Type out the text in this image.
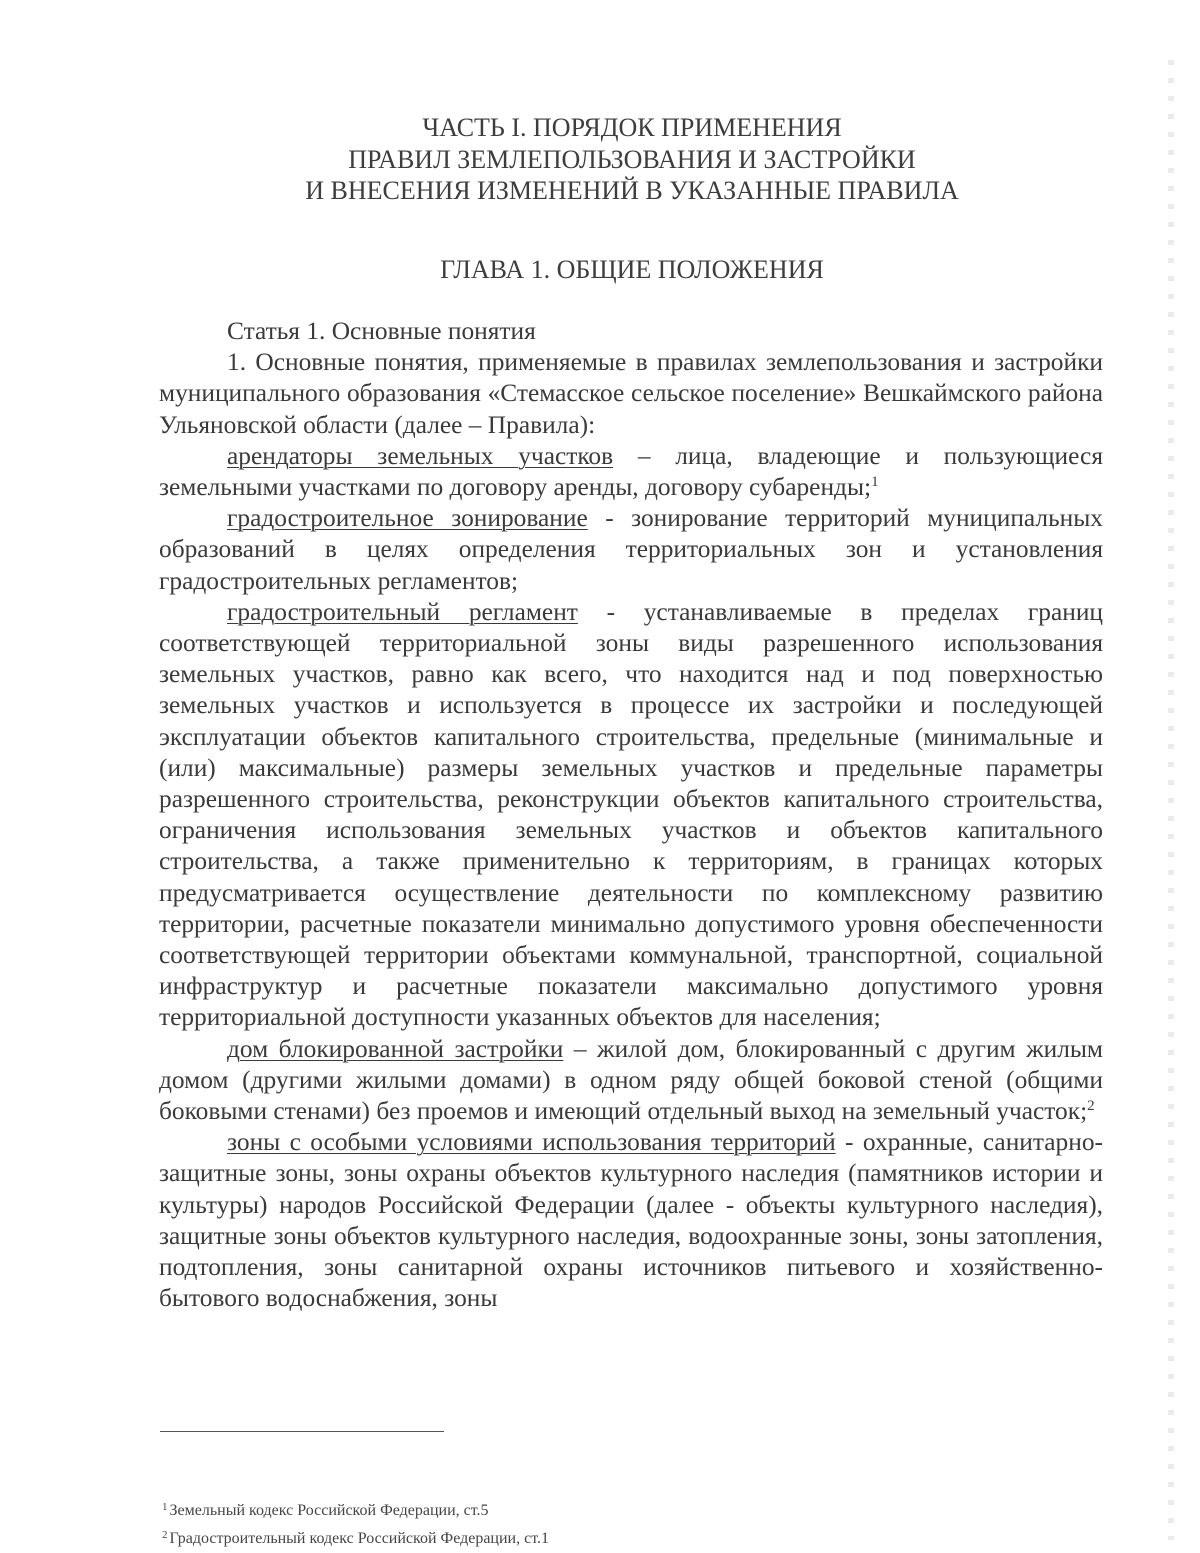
ЧАСТЬ I. ПОРЯДОК ПРИМЕНЕНИЯ
ПРАВИЛ ЗЕМЛЕПОЛЬЗОВАНИЯ И ЗАСТРОЙКИ
И ВНЕСЕНИЯ ИЗМЕНЕНИЙ В УКАЗАННЫЕ ПРАВИЛА
ГЛАВА 1. ОБЩИЕ ПОЛОЖЕНИЯ

Статья 1. Основные понятия

1. Основные понятия, применяемые в правилах землепользования и застройки муниципального образования «Стемасское сельское поселение» Вешкаймского района Ульяновской области (далее – Правила):

арендаторы земельных участков – лица, владеющие и пользующиеся земельными участками по договору аренды, договору субаренды;$^1$

градостроительное зонирование - зонирование территорий муниципальных образований в целях определения территориальных зон и установления градостроительных регламентов;

градостроительный регламент - устанавливаемые в пределах границ соответствующей территориальной зоны виды разрешенного использования земельных участков, равно как всего, что находится над и под поверхностью земельных участков и используется в процессе их застройки и последующей эксплуатации объектов капитального строительства, предельные (минимальные и (или) максимальные) размеры земельных участков и предельные параметры разрешенного строительства, реконструкции объектов капитального строительства, ограничения использования земельных участков и объектов капитального строительства, а также применительно к территориям, в границах которых предусматривается осуществление деятельности по комплексному развитию территории, расчетные показатели минимально допустимого уровня обеспеченности соответствующей территории объектами коммунальной, транспортной, социальной инфраструктур и расчетные показатели максимально допустимого уровня территориальной доступности указанных объектов для населения;

дом блокированной застройки – жилой дом, блокированный с другим жилым домом (другими жилыми домами) в одном ряду общей боковой стеной (общими боковыми стенами) без проемов и имеющий отдельный выход на земельный участок;$^2$

зоны с особыми условиями использования территорий - охранные, санитарно-защитные зоны, зоны охраны объектов культурного наследия (памятников истории и культуры) народов Российской Федерации (далее - объекты культурного наследия), защитные зоны объектов культурного наследия, водоохранные зоны, зоны затопления, подтопления, зоны санитарной охраны источников питьевого и хозяйственно-бытового водоснабжения, зоны

$^1$ Земельный кодекс Российской Федерации, ст.5
$^2$ Градостроительный кодекс Российской Федерации, ст.1
